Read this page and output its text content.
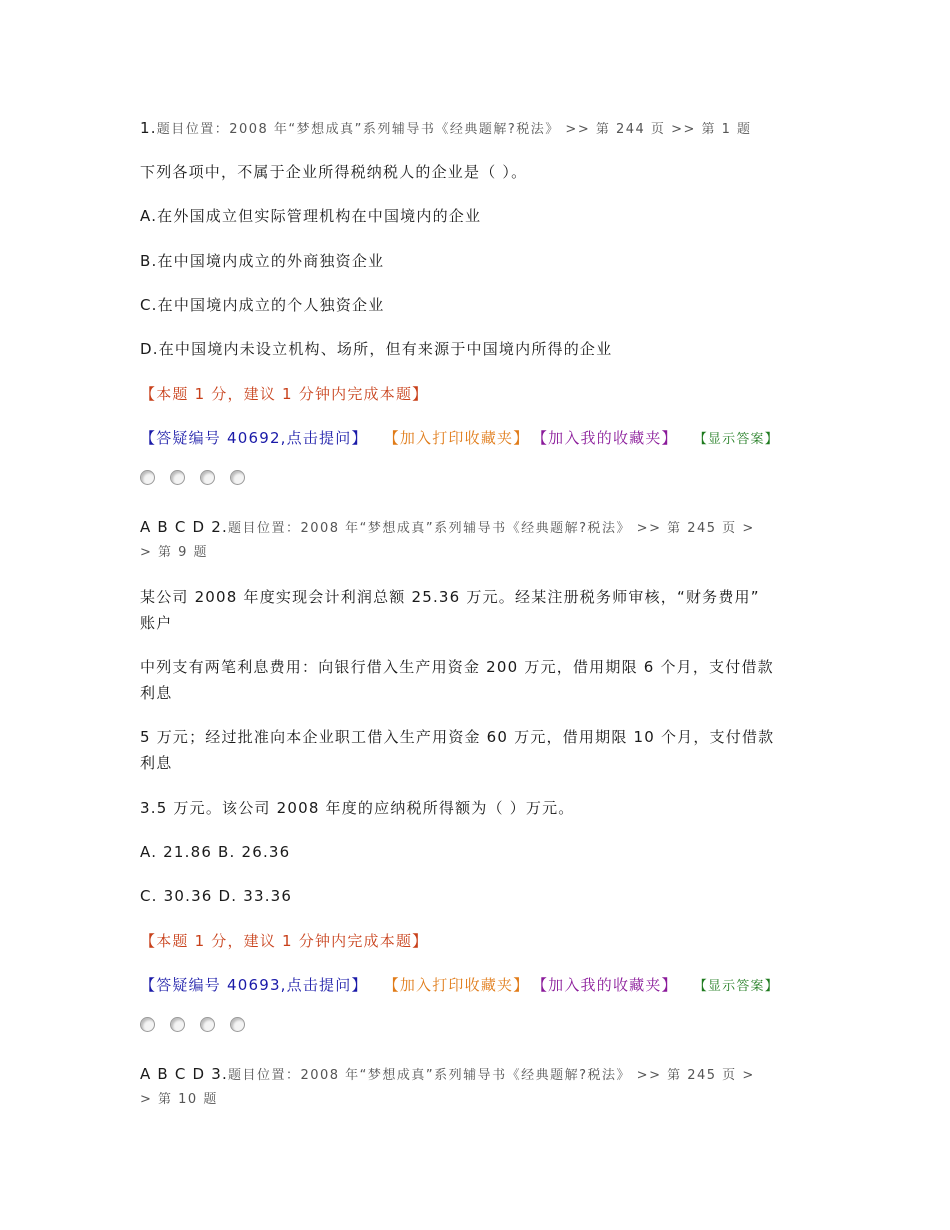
1.题目位置：2008 年“梦想成真”系列辅导书《经典题解?税法》 >> 第 244 页 >> 第 1 题
下列各项中，不属于企业所得税纳税人的企业是（ ）。
A.在外国成立但实际管理机构在中国境内的企业
B.在中国境内成立的外商独资企业
C.在中国境内成立的个人独资企业
D.在中国境内未设立机构、场所，但有来源于中国境内所得的企业
【本题 1 分，建议 1 分钟内完成本题】
【答疑编号 40692,点击提问】 【加入打印收藏夹】 【加入我的收藏夹】 【显示答案】
A B C D 2.题目位置：2008 年“梦想成真”系列辅导书《经典题解?税法》 >> 第 245 页 >
> 第 9 题
某公司 2008 年度实现会计利润总额 25.36 万元。经某注册税务师审核，“财务费用”
账户
中列支有两笔利息费用：向银行借入生产用资金 200 万元，借用期限 6 个月，支付借款
利息
5 万元；经过批准向本企业职工借入生产用资金 60 万元，借用期限 10 个月，支付借款
利息
3.5 万元。该公司 2008 年度的应纳税所得额为（ ）万元。
A. 21.86 B. 26.36
C. 30.36 D. 33.36
【本题 1 分，建议 1 分钟内完成本题】
【答疑编号 40693,点击提问】 【加入打印收藏夹】 【加入我的收藏夹】 【显示答案】
A B C D 3.题目位置：2008 年“梦想成真”系列辅导书《经典题解?税法》 >> 第 245 页 >
> 第 10 题
